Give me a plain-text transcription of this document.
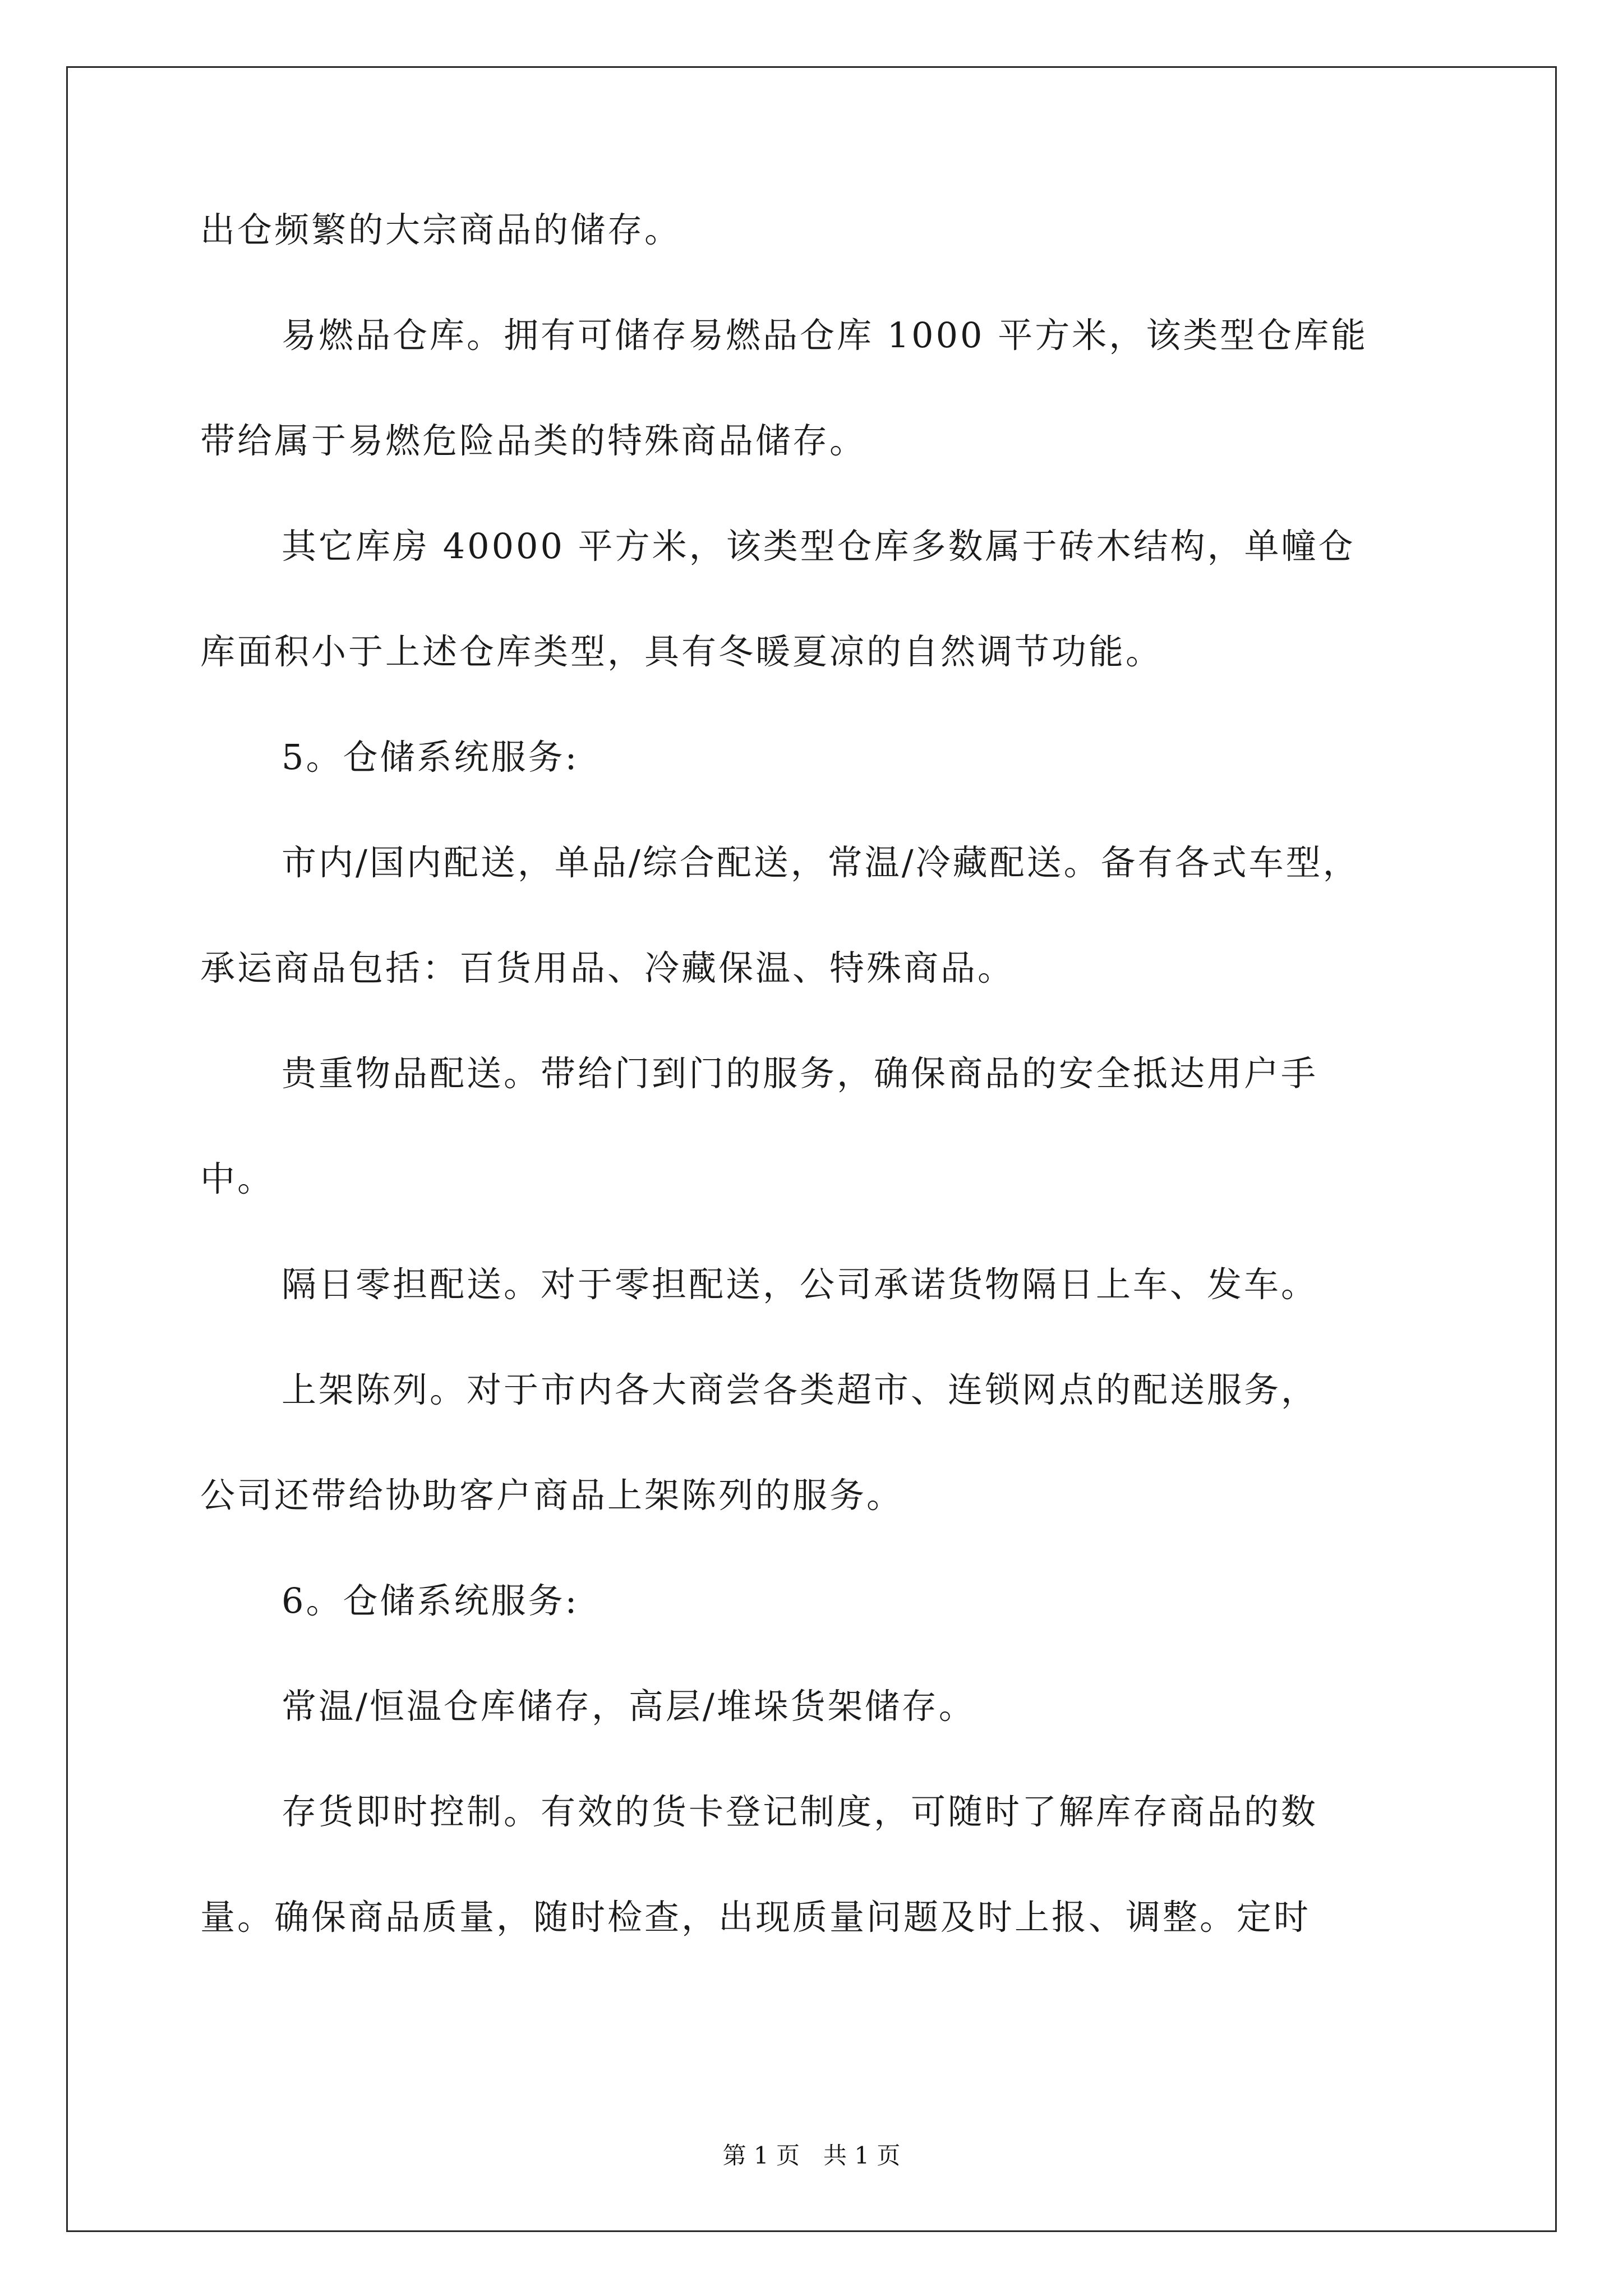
出仓频繁的大宗商品的储存。
易燃品仓库。拥有可储存易燃品仓库 1000 平方米，该类型仓库能
带给属于易燃危险品类的特殊商品储存。
其它库房 40000 平方米，该类型仓库多数属于砖木结构，单幢仓
库面积小于上述仓库类型，具有冬暖夏凉的自然调节功能。
5。仓储系统服务:
市内/国内配送，单品/综合配送，常温/冷藏配送。备有各式车型，
承运商品包括：百货用品、冷藏保温、特殊商品。
贵重物品配送。带给门到门的服务，确保商品的安全抵达用户手
中。
隔日零担配送。对于零担配送，公司承诺货物隔日上车、发车。
上架陈列。对于市内各大商尝各类超市、连锁网点的配送服务，
公司还带给协助客户商品上架陈列的服务。
6。仓储系统服务:
常温/恒温仓库储存，高层/堆垛货架储存。
存货即时控制。有效的货卡登记制度，可随时了解库存商品的数
量。确保商品质量，随时检查，出现质量问题及时上报、调整。定时
第 1 页　共 1 页
